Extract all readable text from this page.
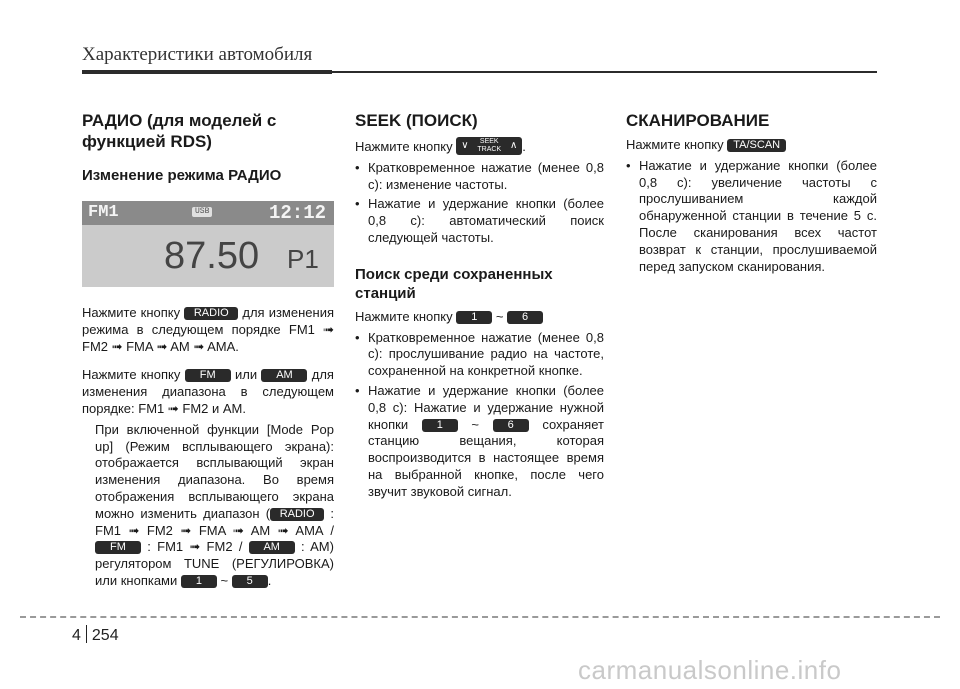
Характеристики автомобиля
РАДИО (для моделей с функцией RDS)
Изменение режима РАДИО
FM1	USB	12:12
87.50 P1

Нажмите кнопку RADIO для изменения режима в следующем порядке FM1 ➟ FM2 ➟ FMA ➟ AM ➟ AMA.

Нажмите кнопку FM или AM для изменения диапазона в следующем порядке: FM1 ➟ FM2 и AM.

При включенной функции [Mode Pop up] (Режим всплывающего экрана): отображается всплывающий экран изменения диапазона. Во время отображения всплывающего экрана можно изменить диапазон ( RADIO : FM1 ➟ FM2 ➟ FMA ➟ AM ➟ AMA / FM : FM1 ➟ FM2 / AM : AM) регулятором TUNE (РЕГУЛИРОВКА) или кнопками 1 ~ 5 .
SEEK (ПОИСК)
Нажмите кнопку ∨	SEEK
TRACK ∧ .
• Кратковременное нажатие (менее 0,8 с): изменение частоты.
• Нажатие и удержание кнопки (более 0,8 с): автоматический поиск следующей частоты.
Поиск среди сохраненных станций
Нажмите кнопку 1 ~ 6
• Кратковременное нажатие (менее 0,8 с): прослушивание радио на частоте, сохраненной на конкретной кнопке.
• Нажатие и удержание кнопки (более 0,8 с): Нажатие и удержание нужной кнопки	1 ~	6 сохраняет станцию вещания, которая воспроизводится в настоящее время на выбранной кнопке, после чего звучит звуковой сигнал.
СКАНИРОВАНИЕ
Нажмите кнопку TA/SCAN
• Нажатие и удержание кнопки (более 0,8 с): увеличение частоты с прослушиванием каждой обнаруженной станции в течение 5 с. После сканирования всех частот возврат к станции, прослушиваемой перед запуском сканирования.
4 254
carmanualsonline.info
